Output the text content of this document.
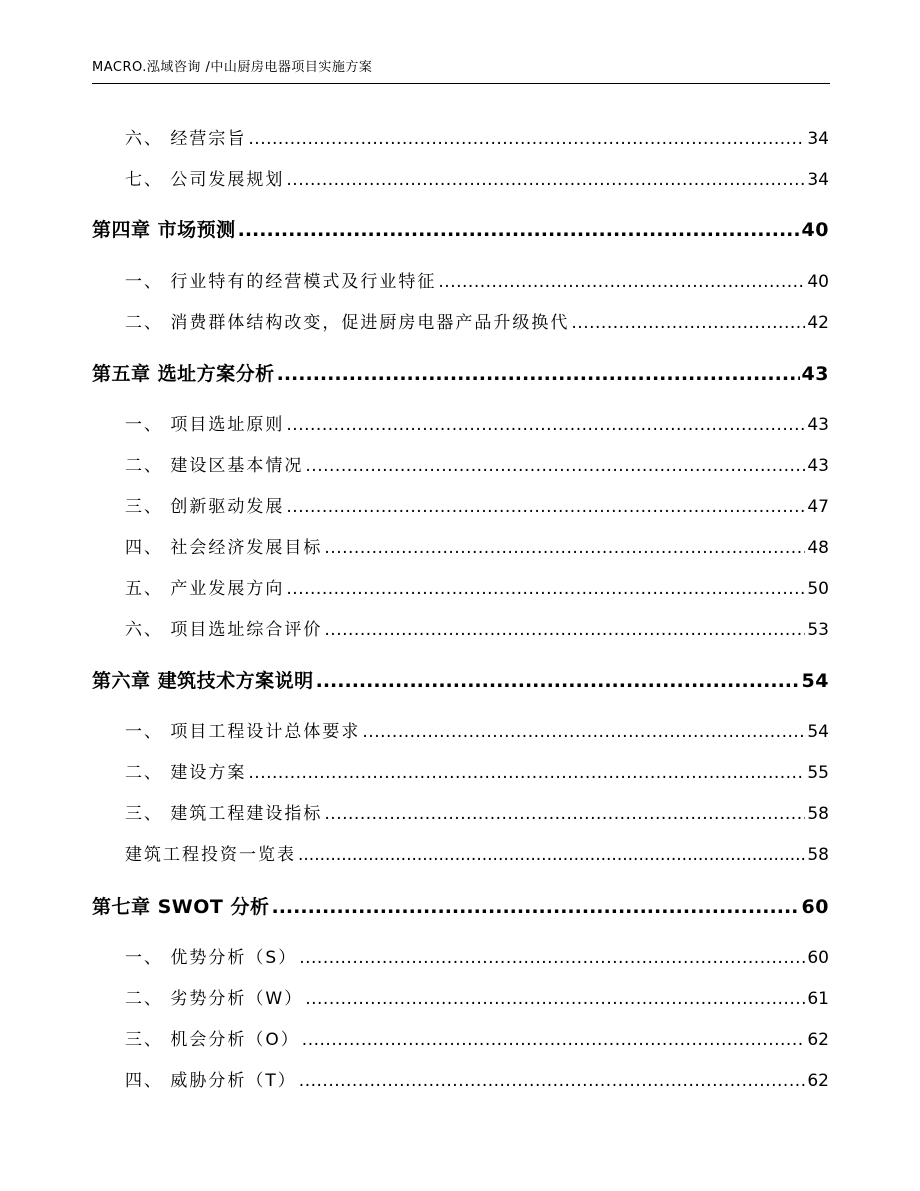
MACRO.泓域咨询 /中山厨房电器项目实施方案
六、 经营宗旨 .....	34
七、 公司发展规划 .....	34
第四章 市场预测 .....	40
一、 行业特有的经营模式及行业特征 .....	40
二、 消费群体结构改变，促进厨房电器产品升级换代 .....	42
第五章 选址方案分析 .....	43
一、 项目选址原则 .....	43
二、 建设区基本情况 .....	43
三、 创新驱动发展 .....	47
四、 社会经济发展目标 .....	48
五、 产业发展方向 .....	50
六、 项目选址综合评价 .....	53
第六章 建筑技术方案说明 .....	54
一、 项目工程设计总体要求 .....	54
二、 建设方案 .....	55
三、 建筑工程建设指标 .....	58
建筑工程投资一览表 .....	58
第七章 SWOT 分析 .....	60
一、 优势分析（S） .....	60
二、 劣势分析（W） .....	61
三、 机会分析（O） .....	62
四、 威胁分析（T） .....	62
